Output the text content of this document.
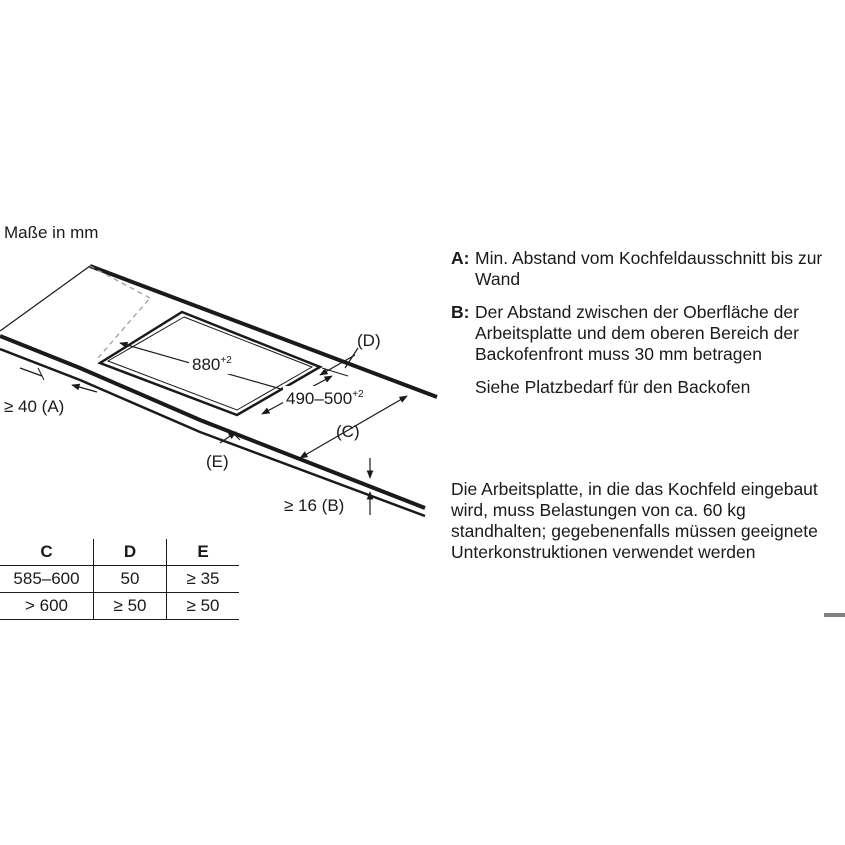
Maße in mm
$880^{+2}$
$490-500^{+2}$
(C)
(D)
(E)
≥ 40 (A)
≥ 16 (B)
A: Min. Abstand vom Kochfeldausschnitt bis zur Wand
B: Der Abstand zwischen der Oberfläche der Arbeitsplatte und dem oberen Bereich der Backofenfront muss 30 mm betragen
Siehe Platzbedarf für den Backofen
Die Arbeitsplatte, in die das Kochfeld eingebaut wird, muss Belastungen von ca. 60 kg standhalten; gegebenenfalls müssen geeignete Unterkonstruktionen verwendet werden
C	D	E
585–600	50	≥ 35
> 600	≥ 50	≥ 50
